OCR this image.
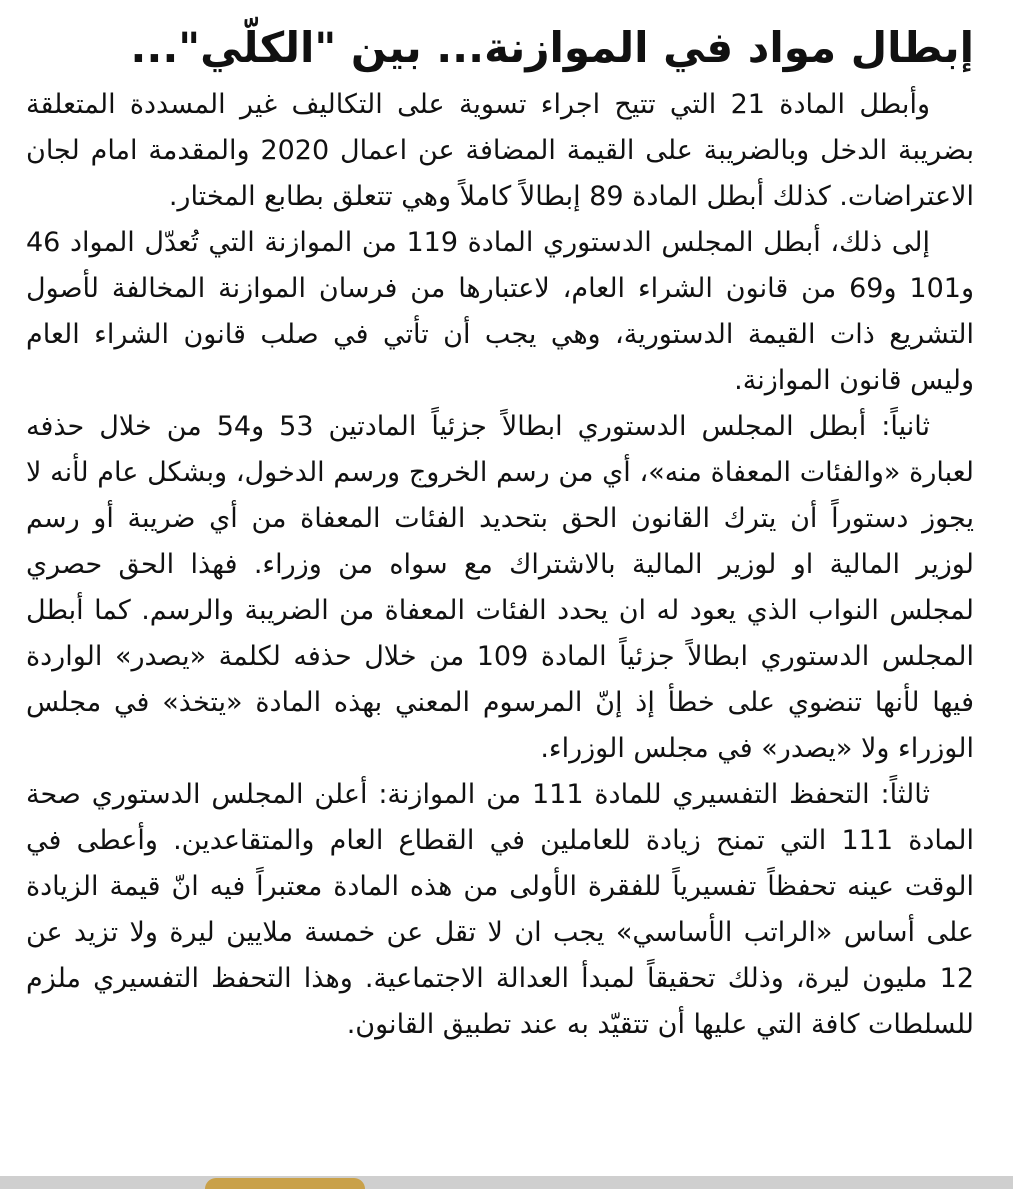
إبطال مواد في الموازنة... بين "الكلّي"...

وأبطل المادة 21 التي تتيح اجراء تسوية على التكاليف غير المسددة المتعلقة بضريبة الدخل وبالضريبة على القيمة المضافة عن اعمال 2020 والمقدمة امام لجان الاعتراضات. كذلك أبطل المادة 89 إبطالاً كاملاً وهي تتعلق بطابع المختار.

إلى ذلك، أبطل المجلس الدستوري المادة 119 من الموازنة التي تُعدّل المواد 46 و101 و69 من قانون الشراء العام، لاعتبارها من فرسان الموازنة المخالفة لأصول التشريع ذات القيمة الدستورية، وهي يجب أن تأتي في صلب قانون الشراء العام وليس قانون الموازنة.

ثانياً: أبطل المجلس الدستوري ابطالاً جزئياً المادتين 53 و54 من خلال حذفه لعبارة «والفئات المعفاة منه»، أي من رسم الخروج ورسم الدخول، وبشكل عام لأنه لا يجوز دستوراً أن يترك القانون الحق بتحديد الفئات المعفاة من أي ضريبة أو رسم لوزير المالية او لوزير المالية بالاشتراك مع سواه من وزراء. فهذا الحق حصري لمجلس النواب الذي يعود له ان يحدد الفئات المعفاة من الضريبة والرسم. كما أبطل المجلس الدستوري ابطالاً جزئياً المادة 109 من خلال حذفه لكلمة «يصدر» الواردة فيها لأنها تنضوي على خطأ إذ إنّ المرسوم المعني بهذه المادة «يتخذ» في مجلس الوزراء ولا «يصدر» في مجلس الوزراء.

ثالثاً: التحفظ التفسيري للمادة 111 من الموازنة: أعلن المجلس الدستوري صحة المادة 111 التي تمنح زيادة للعاملين في القطاع العام والمتقاعدين. وأعطى في الوقت عينه تحفظاً تفسيرياً للفقرة الأولى من هذه المادة معتبراً فيه انّ قيمة الزيادة على أساس «الراتب الأساسي» يجب ان لا تقل عن خمسة ملايين ليرة ولا تزيد عن 12 مليون ليرة، وذلك تحقيقاً لمبدأ العدالة الاجتماعية. وهذا التحفظ التفسيري ملزم للسلطات كافة التي عليها أن تتقيّد به عند تطبيق القانون.
